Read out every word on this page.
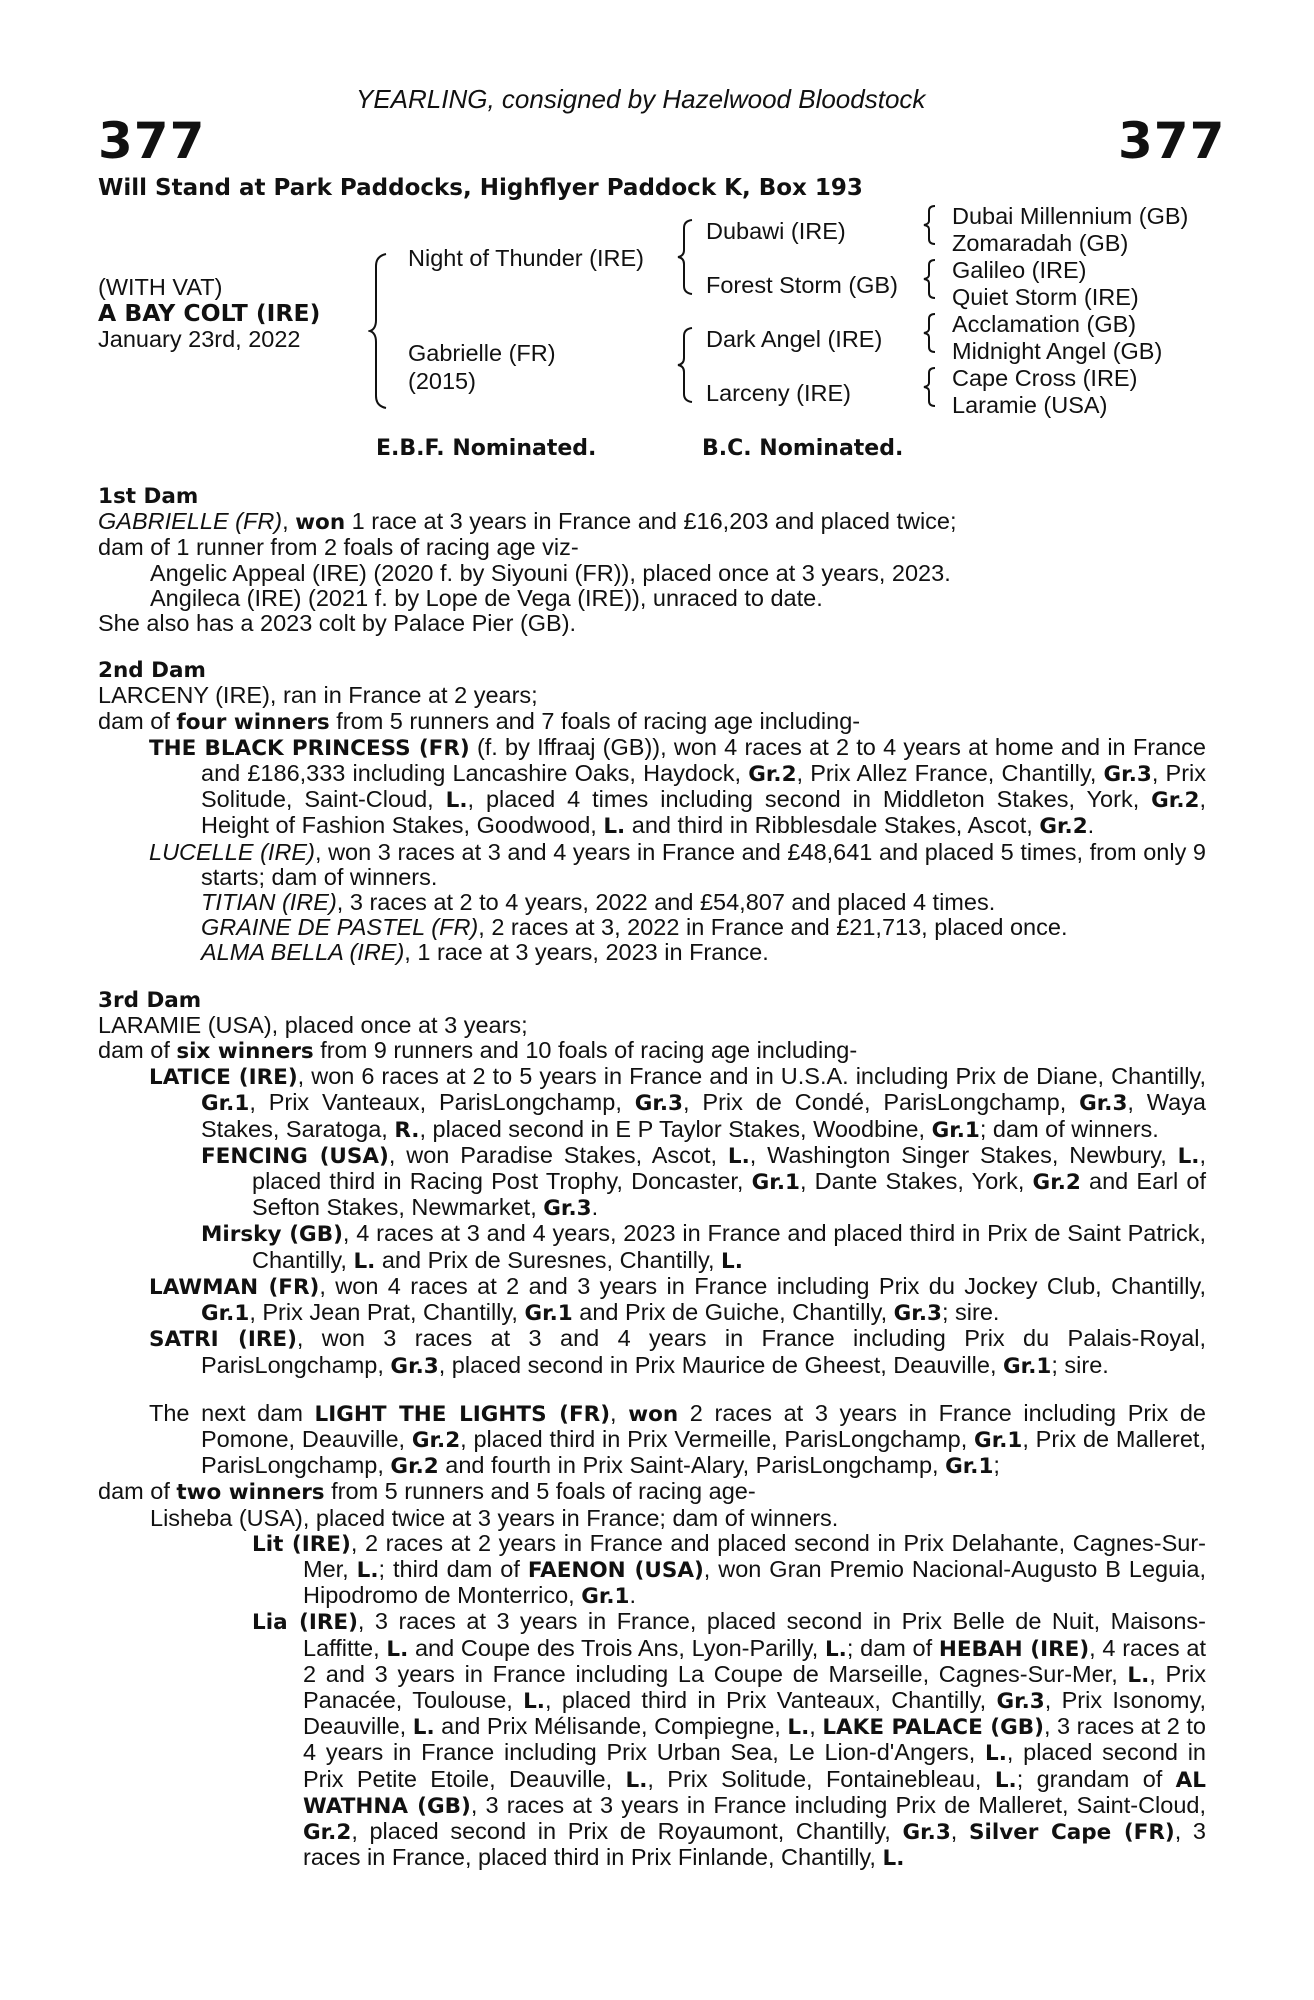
YEARLING, consigned by Hazelwood Bloodstock
377	377
Will Stand at Park Paddocks, Highflyer Paddock K, Box 193
(WITH VAT)
A BAY COLT (IRE)
January 23rd, 2022
Night of Thunder (IRE)
Gabrielle (FR)
(2015)
Dubawi (IRE)
Forest Storm (GB)
Dark Angel (IRE)
Larceny (IRE)
Dubai Millennium (GB)
Zomaradah (GB)
Galileo (IRE)
Quiet Storm (IRE)
Acclamation (GB)
Midnight Angel (GB)
Cape Cross (IRE)
Laramie (USA)
E.B.F. Nominated.	B.C. Nominated.
1st Dam
GABRIELLE (FR), won 1 race at 3 years in France and £16,203 and placed twice;
dam of 1 runner from 2 foals of racing age viz-
Angelic Appeal (IRE) (2020 f. by Siyouni (FR)), placed once at 3 years, 2023.
Angileca (IRE) (2021 f. by Lope de Vega (IRE)), unraced to date.
She also has a 2023 colt by Palace Pier (GB).
2nd Dam
LARCENY (IRE), ran in France at 2 years;
dam of four winners from 5 runners and 7 foals of racing age including-
THE BLACK PRINCESS (FR) (f. by Iffraaj (GB)), won 4 races at 2 to 4 years at home and in France and £186,333 including Lancashire Oaks, Haydock, Gr.2, Prix Allez France, Chantilly, Gr.3, Prix Solitude, Saint-Cloud, L., placed 4 times including second in Middleton Stakes, York, Gr.2, Height of Fashion Stakes, Goodwood, L. and third in Ribblesdale Stakes, Ascot, Gr.2.
LUCELLE (IRE), won 3 races at 3 and 4 years in France and £48,641 and placed 5 times, from only 9 starts; dam of winners.
TITIAN (IRE), 3 races at 2 to 4 years, 2022 and £54,807 and placed 4 times.
GRAINE DE PASTEL (FR), 2 races at 3, 2022 in France and £21,713, placed once.
ALMA BELLA (IRE), 1 race at 3 years, 2023 in France.
3rd Dam
LARAMIE (USA), placed once at 3 years;
dam of six winners from 9 runners and 10 foals of racing age including-
LATICE (IRE), won 6 races at 2 to 5 years in France and in U.S.A. including Prix de Diane, Chantilly, Gr.1, Prix Vanteaux, ParisLongchamp, Gr.3, Prix de Condé, ParisLongchamp, Gr.3, Waya Stakes, Saratoga, R., placed second in E P Taylor Stakes, Woodbine, Gr.1; dam of winners.
FENCING (USA), won Paradise Stakes, Ascot, L., Washington Singer Stakes, Newbury, L., placed third in Racing Post Trophy, Doncaster, Gr.1, Dante Stakes, York, Gr.2 and Earl of Sefton Stakes, Newmarket, Gr.3.
Mirsky (GB), 4 races at 3 and 4 years, 2023 in France and placed third in Prix de Saint Patrick, Chantilly, L. and Prix de Suresnes, Chantilly, L.
LAWMAN (FR), won 4 races at 2 and 3 years in France including Prix du Jockey Club, Chantilly, Gr.1, Prix Jean Prat, Chantilly, Gr.1 and Prix de Guiche, Chantilly, Gr.3; sire.
SATRI (IRE), won 3 races at 3 and 4 years in France including Prix du Palais-Royal, ParisLongchamp, Gr.3, placed second in Prix Maurice de Gheest, Deauville, Gr.1; sire.
The next dam LIGHT THE LIGHTS (FR), won 2 races at 3 years in France including Prix de Pomone, Deauville, Gr.2, placed third in Prix Vermeille, ParisLongchamp, Gr.1, Prix de Malleret, ParisLongchamp, Gr.2 and fourth in Prix Saint-Alary, ParisLongchamp, Gr.1;
dam of two winners from 5 runners and 5 foals of racing age-
Lisheba (USA), placed twice at 3 years in France; dam of winners.
Lit (IRE), 2 races at 2 years in France and placed second in Prix Delahante, Cagnes-Sur-Mer, L.; third dam of FAENON (USA), won Gran Premio Nacional-Augusto B Leguia, Hipodromo de Monterrico, Gr.1.
Lia (IRE), 3 races at 3 years in France, placed second in Prix Belle de Nuit, Maisons-Laffitte, L. and Coupe des Trois Ans, Lyon-Parilly, L.; dam of HEBAH (IRE), 4 races at 2 and 3 years in France including La Coupe de Marseille, Cagnes-Sur-Mer, L., Prix Panacée, Toulouse, L., placed third in Prix Vanteaux, Chantilly, Gr.3, Prix Isonomy, Deauville, L. and Prix Mélisande, Compiegne, L., LAKE PALACE (GB), 3 races at 2 to 4 years in France including Prix Urban Sea, Le Lion-d'Angers, L., placed second in Prix Petite Etoile, Deauville, L., Prix Solitude, Fontainebleau, L.; grandam of AL WATHNA (GB), 3 races at 3 years in France including Prix de Malleret, Saint-Cloud, Gr.2, placed second in Prix de Royaumont, Chantilly, Gr.3, Silver Cape (FR), 3 races in France, placed third in Prix Finlande, Chantilly, L.
